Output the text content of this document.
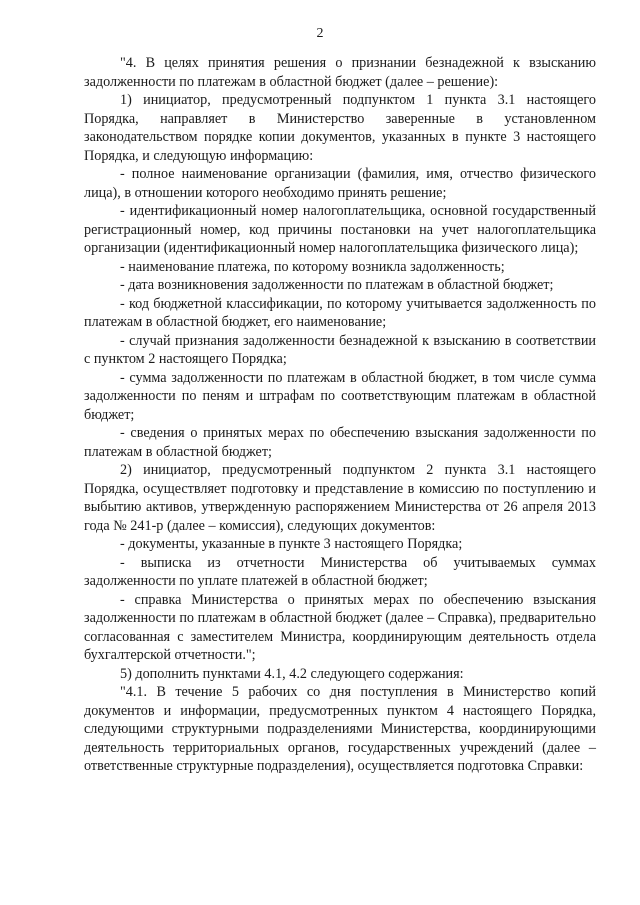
2

"4. В целях принятия решения о признании безнадежной к взысканию задолженности по платежам в областной бюджет (далее – решение):

1) инициатор, предусмотренный подпунктом 1 пункта 3.1 настоящего Порядка, направляет в Министерство заверенные в установленном законодательством порядке копии документов, указанных в пункте 3 настоящего Порядка, и следующую информацию:

- полное наименование организации (фамилия, имя, отчество физического лица), в отношении которого необходимо принять решение;

- идентификационный номер налогоплательщика, основной государственный регистрационный номер, код причины постановки на учет налогоплательщика организации (идентификационный номер налогоплательщика физического лица);

- наименование платежа, по которому возникла задолженность;

- дата возникновения задолженности по платежам в областной бюджет;

- код бюджетной классификации, по которому учитывается задолженность по платежам в областной бюджет, его наименование;

- случай признания задолженности безнадежной к взысканию в соответствии с пунктом 2 настоящего Порядка;

- сумма задолженности по платежам в областной бюджет, в том числе сумма задолженности по пеням и штрафам по соответствующим платежам в областной бюджет;

- сведения о принятых мерах по обеспечению взыскания задолженности по платежам в областной бюджет;

2) инициатор, предусмотренный подпунктом 2 пункта 3.1 настоящего Порядка, осуществляет подготовку и представление в комиссию по поступлению и выбытию активов, утвержденную распоряжением Министерства от 26 апреля 2013 года № 241-р (далее – комиссия), следующих документов:

- документы, указанные в пункте 3 настоящего Порядка;

- выписка из отчетности Министерства об учитываемых суммах задолженности по уплате платежей в областной бюджет;

- справка Министерства о принятых мерах по обеспечению взыскания задолженности по платежам в областной бюджет (далее – Справка), предварительно согласованная с заместителем Министра, координирующим деятельность отдела бухгалтерской отчетности.";

5) дополнить пунктами 4.1, 4.2 следующего содержания:

"4.1. В течение 5 рабочих со дня поступления в Министерство копий документов и информации, предусмотренных пунктом 4 настоящего Порядка, следующими структурными подразделениями Министерства, координирующими деятельность территориальных органов, государственных учреждений (далее – ответственные структурные подразделения), осуществляется подготовка Справки:
